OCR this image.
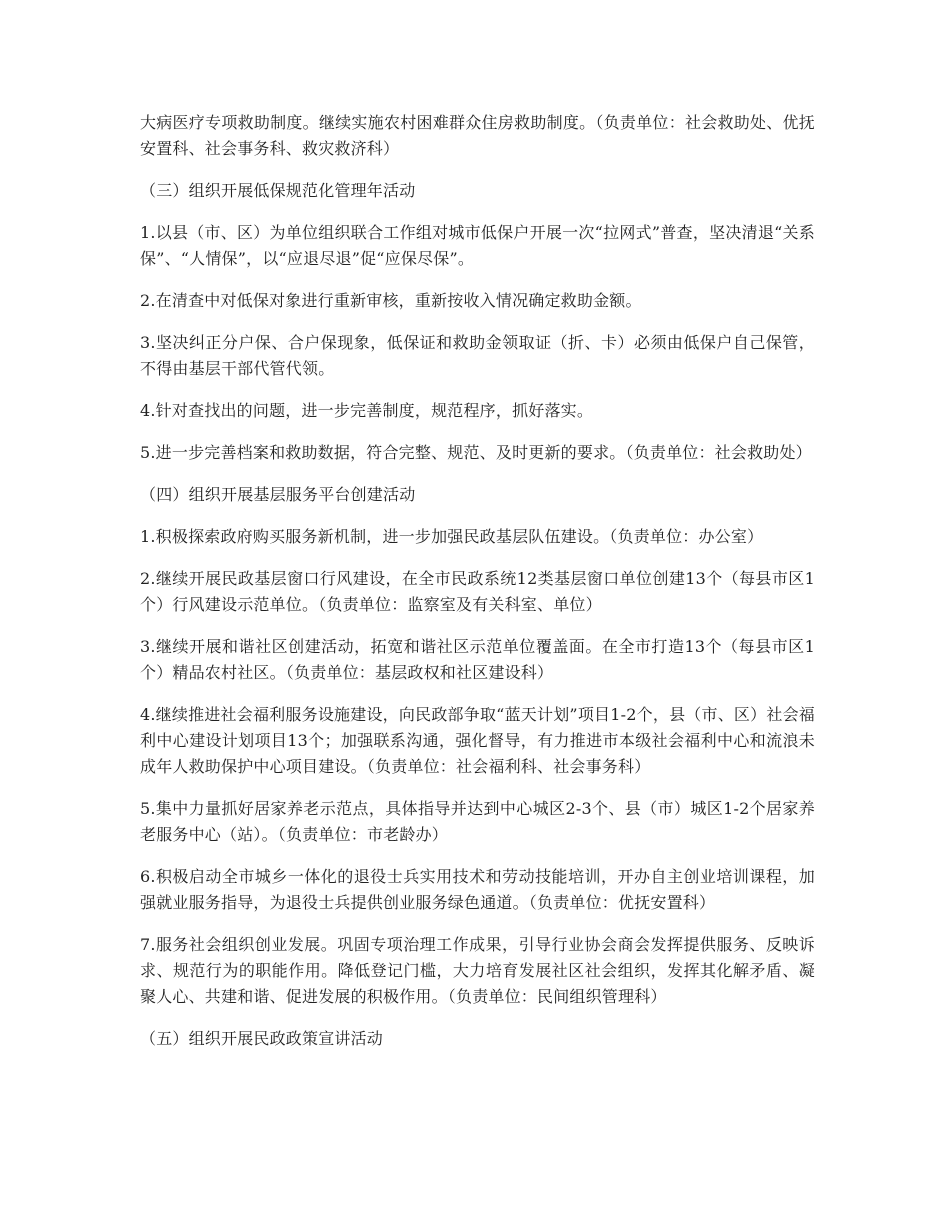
大病医疗专项救助制度。继续实施农村困难群众住房救助制度。（负责单位：社会救助处、优抚安置科、社会事务科、救灾救济科）

（三）组织开展低保规范化管理年活动

1.以县（市、区）为单位组织联合工作组对城市低保户开展一次“拉网式”普查，坚决清退“关系保”、“人情保”，以“应退尽退”促“应保尽保”。

2.在清查中对低保对象进行重新审核，重新按收入情况确定救助金额。

3.坚决纠正分户保、合户保现象，低保证和救助金领取证（折、卡）必须由低保户自己保管，不得由基层干部代管代领。

4.针对查找出的问题，进一步完善制度，规范程序，抓好落实。

5.进一步完善档案和救助数据，符合完整、规范、及时更新的要求。（负责单位：社会救助处）

（四）组织开展基层服务平台创建活动

1.积极探索政府购买服务新机制，进一步加强民政基层队伍建设。（负责单位：办公室）

2.继续开展民政基层窗口行风建设，在全市民政系统12类基层窗口单位创建13个（每县市区1个）行风建设示范单位。（负责单位：监察室及有关科室、单位）

3.继续开展和谐社区创建活动，拓宽和谐社区示范单位覆盖面。在全市打造13个（每县市区1个）精品农村社区。（负责单位：基层政权和社区建设科）

4.继续推进社会福利服务设施建设，向民政部争取“蓝天计划”项目1-2个，县（市、区）社会福利中心建设计划项目13个；加强联系沟通，强化督导，有力推进市本级社会福利中心和流浪未成年人救助保护中心项目建设。（负责单位：社会福利科、社会事务科）

5.集中力量抓好居家养老示范点，具体指导并达到中心城区2-3个、县（市）城区1-2个居家养老服务中心（站）。（负责单位：市老龄办）

6.积极启动全市城乡一体化的退役士兵实用技术和劳动技能培训，开办自主创业培训课程，加强就业服务指导，为退役士兵提供创业服务绿色通道。（负责单位：优抚安置科）

7.服务社会组织创业发展。巩固专项治理工作成果，引导行业协会商会发挥提供服务、反映诉求、规范行为的职能作用。降低登记门槛，大力培育发展社区社会组织，发挥其化解矛盾、凝聚人心、共建和谐、促进发展的积极作用。（负责单位：民间组织管理科）

（五）组织开展民政政策宣讲活动
